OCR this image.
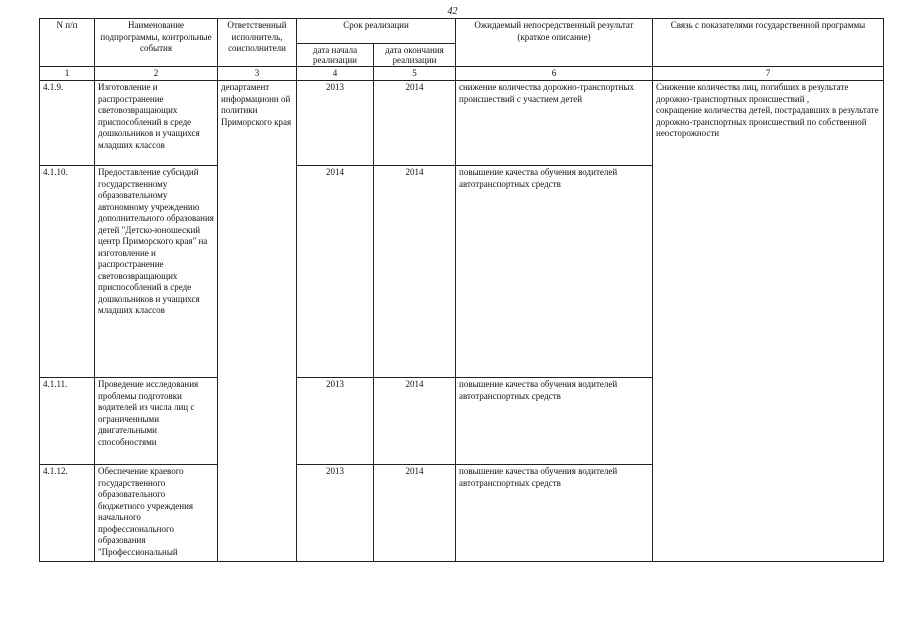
42
N п/п	Наименование подпрограммы, контрольные события	Ответственный исполнитель, соисполнители	Срок реализации		Ожидаемый непосредственный результат (краткое описание)	Связь с показателями государственной программы
			дата начала реализации	дата окончания реализации		
1	2	3	4	5	6	7
4.1.9.	Изготовление и распространение световозвращающих приспособлений в среде дошкольников и учащихся младших классов	департамент информационн ой политики Приморского края	2013	2014	снижение количества дорожно-транспортных происшествий с участием детей	Снижение количества лиц, погибших в результате дорожно-транспортных происшествий ,
сокращение количества детей, пострадавших в результате дорожно-транспортных происшествий по собственной неосторожности
4.1.10.	Предоставление субсидий государственному образовательному автономному учреждению дополнительного образования детей "Детско-юношеский центр Приморского края" на изготовление и распространение световозвращающих приспособлений в среде дошкольников и учащихся младших классов		2014	2014	повышение качества обучения водителей автотранспортных средств	
4.1.11.	Проведение исследования проблемы подготовки водителей из числа лиц с ограниченными двигательными способностями		2013	2014	повышение качества обучения водителей автотранспортных средств	
4.1.12.	Обеспечение краевого государственного образовательного бюджетного учреждения начального профессионального образования "Профессиональный		2013	2014	повышение качества обучения водителей автотранспортных средств	
